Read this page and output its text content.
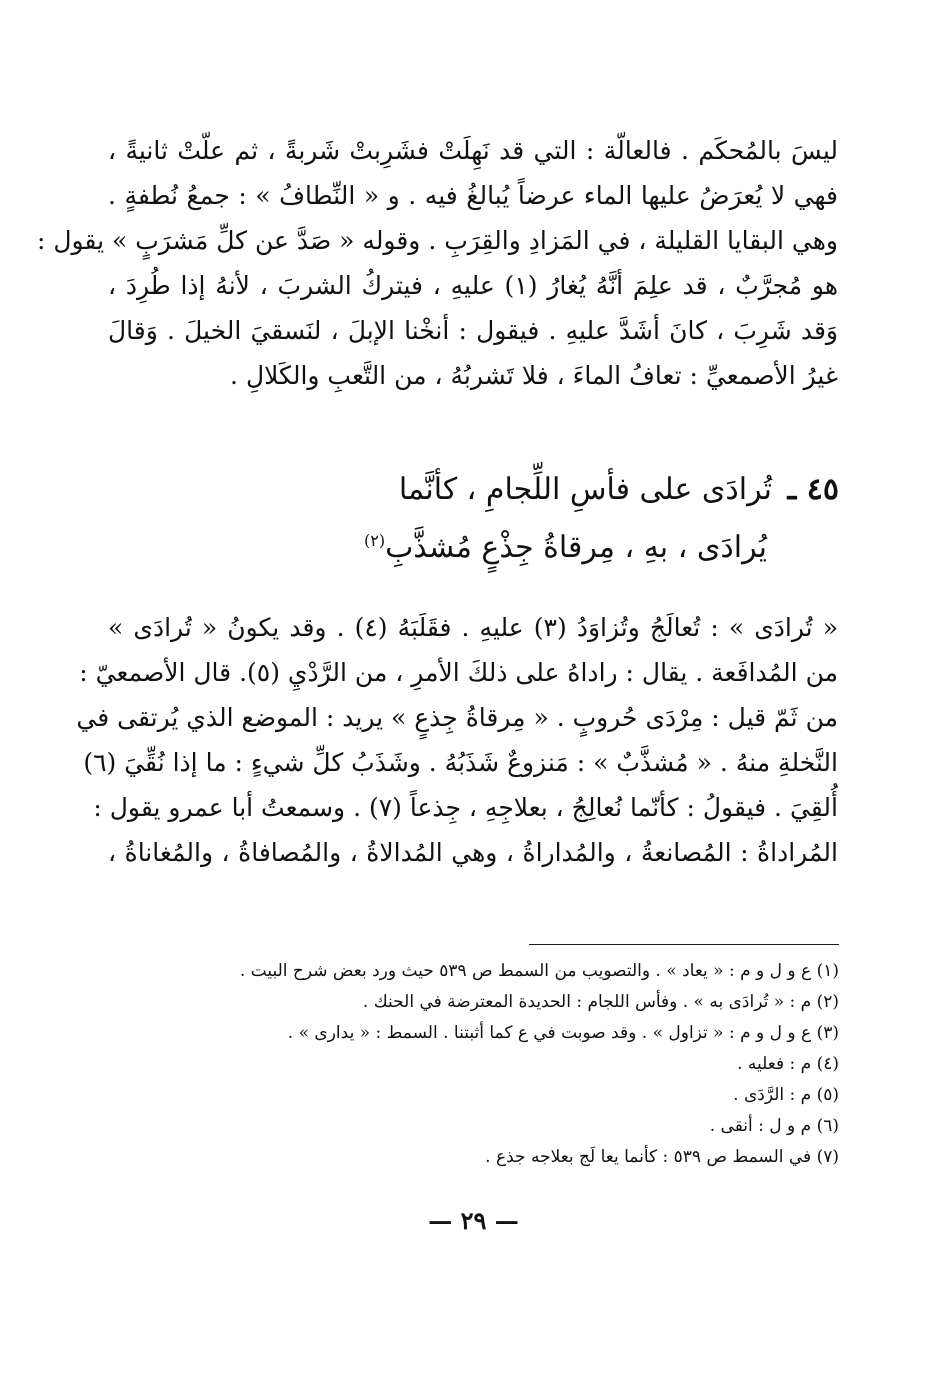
ليسَ بالمُحكَم . فالعالّة : التي قد نَهِلَتْ فشَرِبتْ شَربةً ، ثم علّتْ ثانيةً ،
فهي لا يُعرَضُ عليها الماء عرضاً يُبالغُ فيه . و « النِّطافُ » : جمعُ نُطفةٍ .
وهي البقايا القليلة ، في المَزادِ والقِرَبِ . وقوله « صَدَّ عن كلِّ مَشرَبٍ » يقول :
هو مُجرَّبٌ ، قد علِمَ أنَّهُ يُغارُ (١) عليهِ ، فيتركُ الشربَ ، لأنهُ إذا طُرِدَ ،
وَقد شَرِبَ ، كانَ أشَدَّ عليهِ . فيقول : أنخْنا الإبلَ ، لنَسقيَ الخيلَ . وَقالَ
غيرُ الأصمعيِّ : تعافُ الماءَ ، فلا تَشربُهُ ، من التَّعبِ والكَلالِ .
٤٥ ـ تُرادَى على فأسِ اللِّجامِ ، كأنَّما
يُرادَى ، بهِ ، مِرقاةُ جِذْعٍ مُشذَّبِ$^{(٢)}$
« تُرادَى » : تُعالَجُ وتُزاوَدُ (٣) عليهِ . فقَلَبَهُ (٤) . وقد يكونُ « تُرادَى »
من المُدافَعة . يقال : راداهُ على ذلكَ الأمرِ ، من الرَّدْيِ (٥). قال الأصمعيّ :
من ثَمّ قيل : مِرْدَى حُروبٍ . « مِرقاةُ جِذعٍ » يريد : الموضع الذي يُرتقى في
النَّخلةِ منهُ . « مُشذَّبٌ » : مَنزوعٌ شَذَبُهُ . وشَذَبُ كلِّ شيءٍ : ما إذا نُقِّيَ (٦)
أُلقِيَ . فيقولُ : كأنّما نُعالِجُ ، بعلاجِهِ ، جِذعاً (٧) . وسمعتُ أبا عمرو يقول :
المُراداةُ : المُصانعةُ ، والمُداراةُ ، وهي المُدالاةُ ، والمُصافاةُ ، والمُغاناةُ ،
(١) ع و ل و م : « يعاد » . والتصويب من السمط ص ٥٣٩ حيث ورد بعض شرح البيت .
(٢) م : « تُرادَى به » . وفأس اللجام : الحديدة المعترضة في الحنك .
(٣) ع و ل و م : « تزاول » . وقد صوبت في ع كما أثبتنا . السمط : « يدارى » .
(٤) م : فعليه .
(٥) م : الرَّدَى .
(٦) م و ل : أنقى .
(٧) في السمط ص ٥٣٩ : كأنما يعا لَج بعلاجه جذع .
— ٢٩ —
